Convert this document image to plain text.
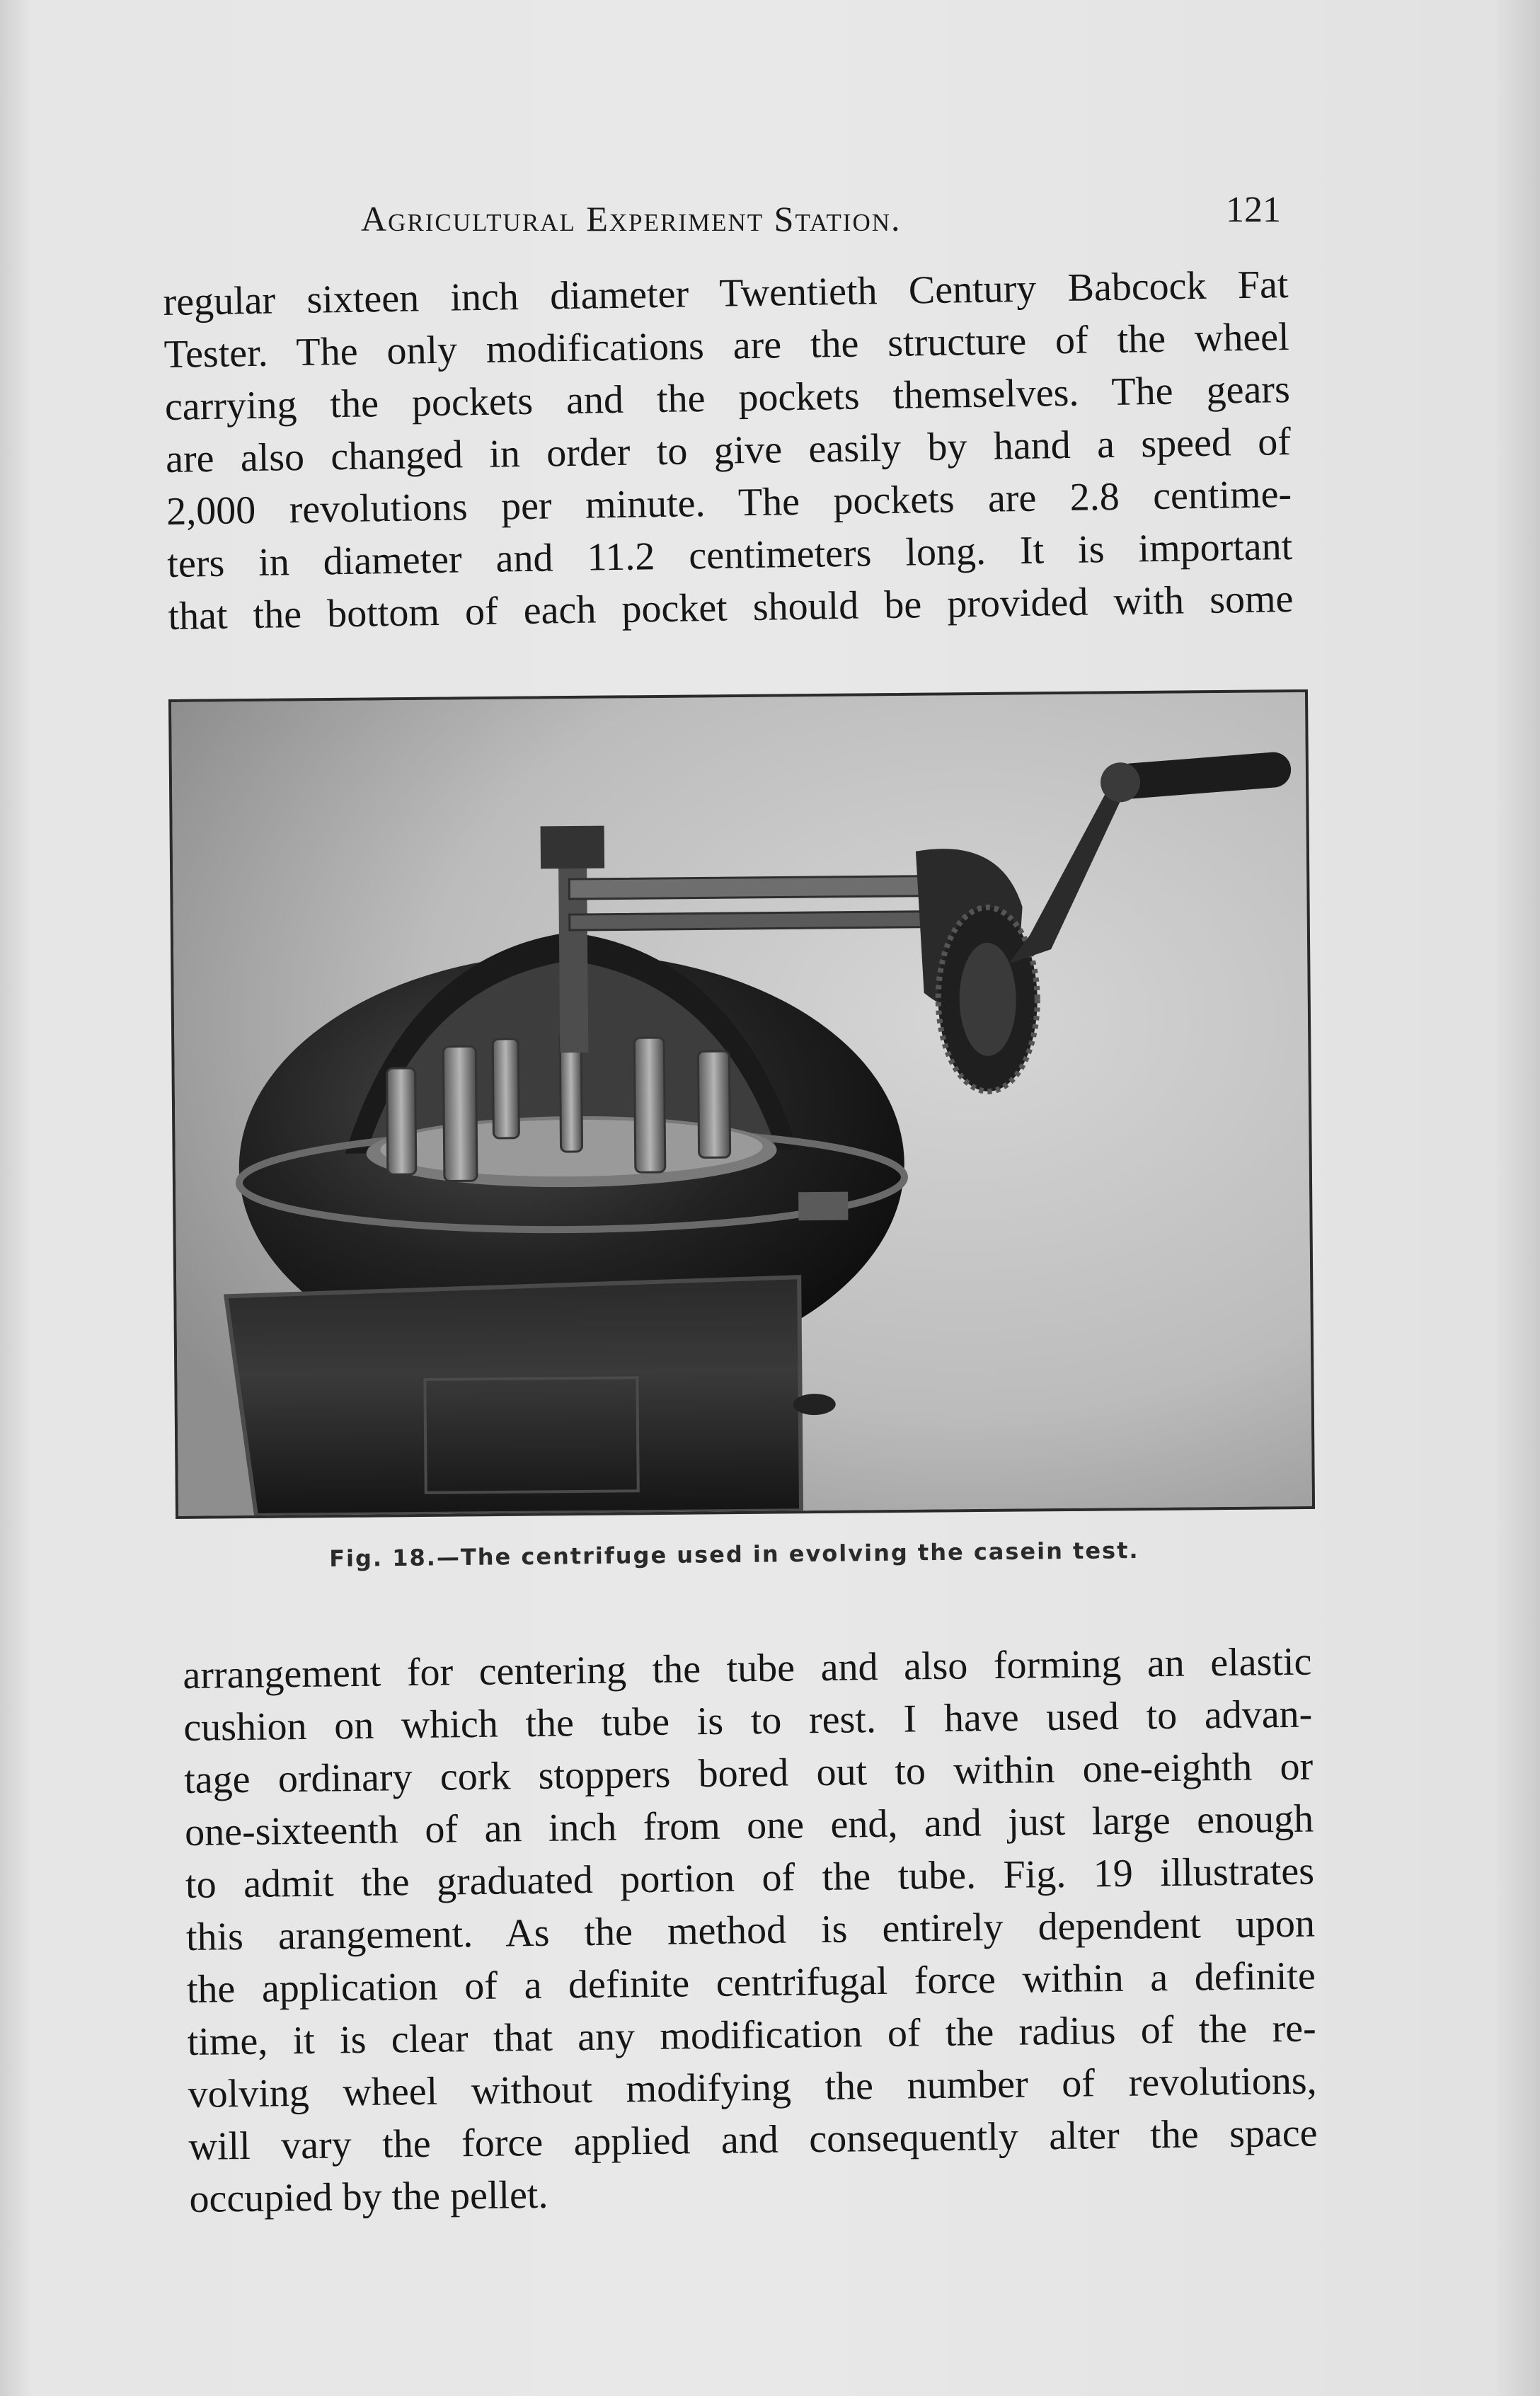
Agricultural Experiment Station.	121

regular sixteen inch diameter Twentieth Century Babcock Fat
Tester. The only modifications are the structure of the wheel
carrying the pockets and the pockets themselves. The gears
are also changed in order to give easily by hand a speed of
2,000 revolutions per minute. The pockets are 2.8 centime-
ters in diameter and 11.2 centimeters long. It is important
that the bottom of each pocket should be provided with some

Fig. 18.—The centrifuge used in evolving the casein test.

arrangement for centering the tube and also forming an elastic
cushion on which the tube is to rest. I have used to advan-
tage ordinary cork stoppers bored out to within one-eighth or
one-sixteenth of an inch from one end, and just large enough
to admit the graduated portion of the tube. Fig. 19 illustrates
this arangement. As the method is entirely dependent upon
the application of a definite centrifugal force within a definite
time, it is clear that any modification of the radius of the re-
volving wheel without modifying the number of revolutions,
will vary the force applied and consequently alter the space
occupied by the pellet.
